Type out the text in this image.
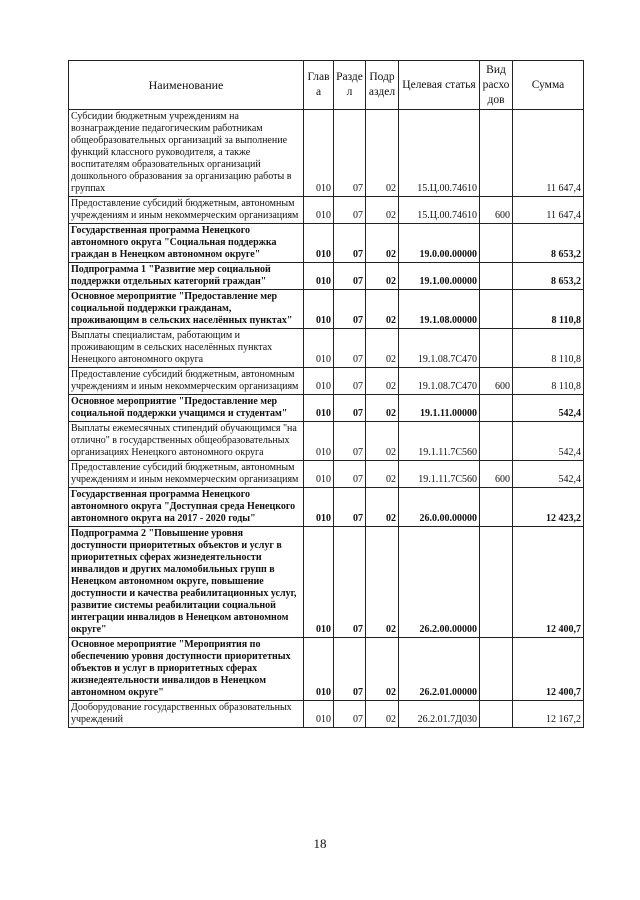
Наименование	Глав а	Разде л	Подр аздел	Целевая статья	Вид расхо дов	Сумма
Субсидии бюджетным учреждениям на вознаграждение педагогическим работникам общеобразовательных организаций за выполнение функций классного руководителя, а также воспитателям образовательных организаций дошкольного образования за организацию работы в группах	010	07	02	15.Ц.00.74610		11 647,4
Предоставление субсидий бюджетным, автономным учреждениям и иным некоммерческим организациям	010	07	02	15.Ц.00.74610	600	11 647,4
Государственная программа Ненецкого автономного округа "Социальная поддержка граждан в Ненецком автономном округе"	010	07	02	19.0.00.00000		8 653,2
Подпрограмма 1 "Развитие мер социальной поддержки отдельных категорий граждан"	010	07	02	19.1.00.00000		8 653,2
Основное мероприятие "Предоставление мер социальной поддержки гражданам, проживающим в сельских населённых пунктах"	010	07	02	19.1.08.00000		8 110,8
Выплаты специалистам, работающим и проживающим в сельских населённых пунктах Ненецкого автономного округа	010	07	02	19.1.08.7С470		8 110,8
Предоставление субсидий бюджетным, автономным учреждениям и иным некоммерческим организациям	010	07	02	19.1.08.7С470	600	8 110,8
Основное мероприятие "Предоставление мер социальной поддержки учащимся и студентам"	010	07	02	19.1.11.00000		542,4
Выплаты ежемесячных стипендий обучающимся "на отлично" в государственных общеобразовательных организациях Ненецкого автономного округа	010	07	02	19.1.11.7С560		542,4
Предоставление субсидий бюджетным, автономным учреждениям и иным некоммерческим организациям	010	07	02	19.1.11.7С560	600	542,4
Государственная программа Ненецкого автономного округа "Доступная среда Ненецкого автономного округа на 2017 - 2020 годы"	010	07	02	26.0.00.00000		12 423,2
Подпрограмма 2 "Повышение уровня доступности приоритетных объектов и услуг в приоритетных сферах жизнедеятельности инвалидов и других маломобильных групп в Ненецком автономном округе, повышение доступности и качества реабилитационных услуг, развитие системы реабилитации социальной интеграции инвалидов в Ненецком автономном округе"	010	07	02	26.2.00.00000		12 400,7
Основное мероприятие "Мероприятия по обеспечению уровня доступности приоритетных объектов и услуг в приоритетных сферах жизнедеятельности инвалидов в Ненецком автономном округе"	010	07	02	26.2.01.00000		12 400,7
Дооборудование государственных образовательных учреждений	010	07	02	26.2.01.7Д030		12 167,2
18
